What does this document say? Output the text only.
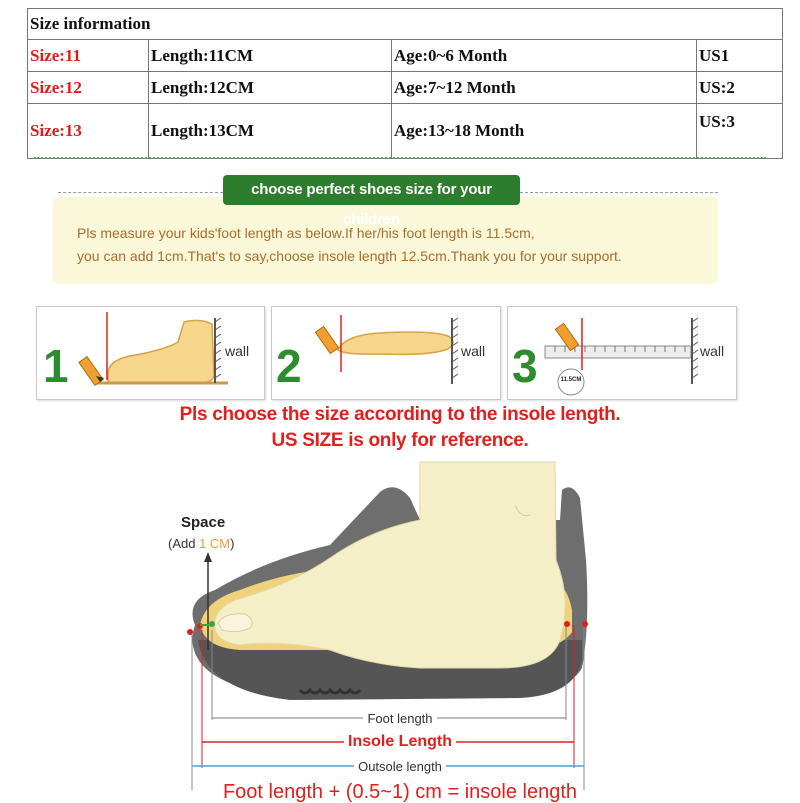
Size information			
Size:11	Length:11CM	Age:0~6 Month	US1
Size:12	Length:12CM	Age:7~12 Month	US:2
Size:13	Length:13CM	Age:13~18 Month	US:3
choose perfect shoes size for your children
Pls measure your kids'foot length as below.If her/his foot length is 11.5cm,
you can add 1cm.That's to say,choose insole length 12.5cm.Thank you for your support.
1	2	3
wall	wall	wall
11.5CM
Pls choose the size according to the insole length.
US SIZE is only for reference.
Space
(Add 1 CM)
Foot length
Insole Length
Outsole length
Foot length + (0.5~1) cm = insole length
